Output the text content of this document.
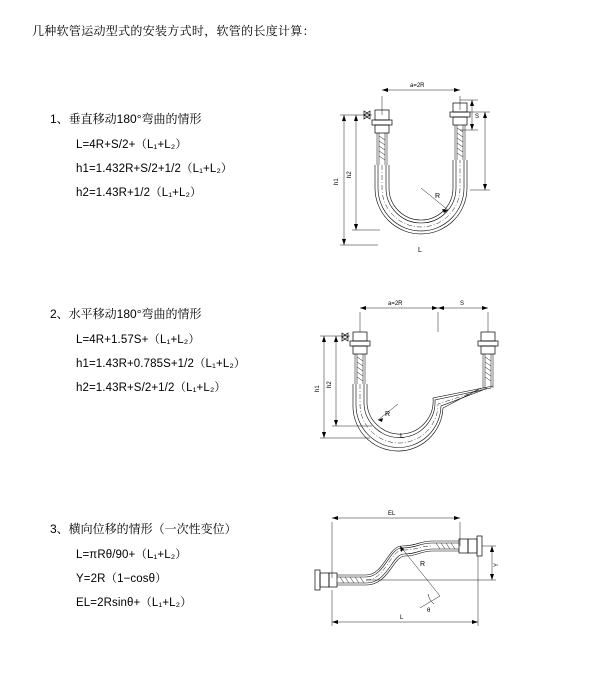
几种软管运动型式的安装方式时，软管的长度计算：
1、垂直移动180°弯曲的情形
L=4R+S/2+（L₁+L₂）
h1=1.432R+S/2+1/2（L₁+L₂）
h2=1.43R+1/2（L₁+L₂）
a=2R
S
R
h1
h2
L
2、水平移动180°弯曲的情形
L=4R+1.57S+（L₁+L₂）
h1=1.43R+0.785S+1/2（L₁+L₂）
h2=1.43R+S/2+1/2（L₁+L₂）
a=2R	S
R
h1
h2
L
3、横向位移的情形（一次性变位）
L=πRθ/90+（L₁+L₂）
Y=2R（1−cosθ）
EL=2Rsinθ+（L₁+L₂）
EL
Y
R
θ
L
